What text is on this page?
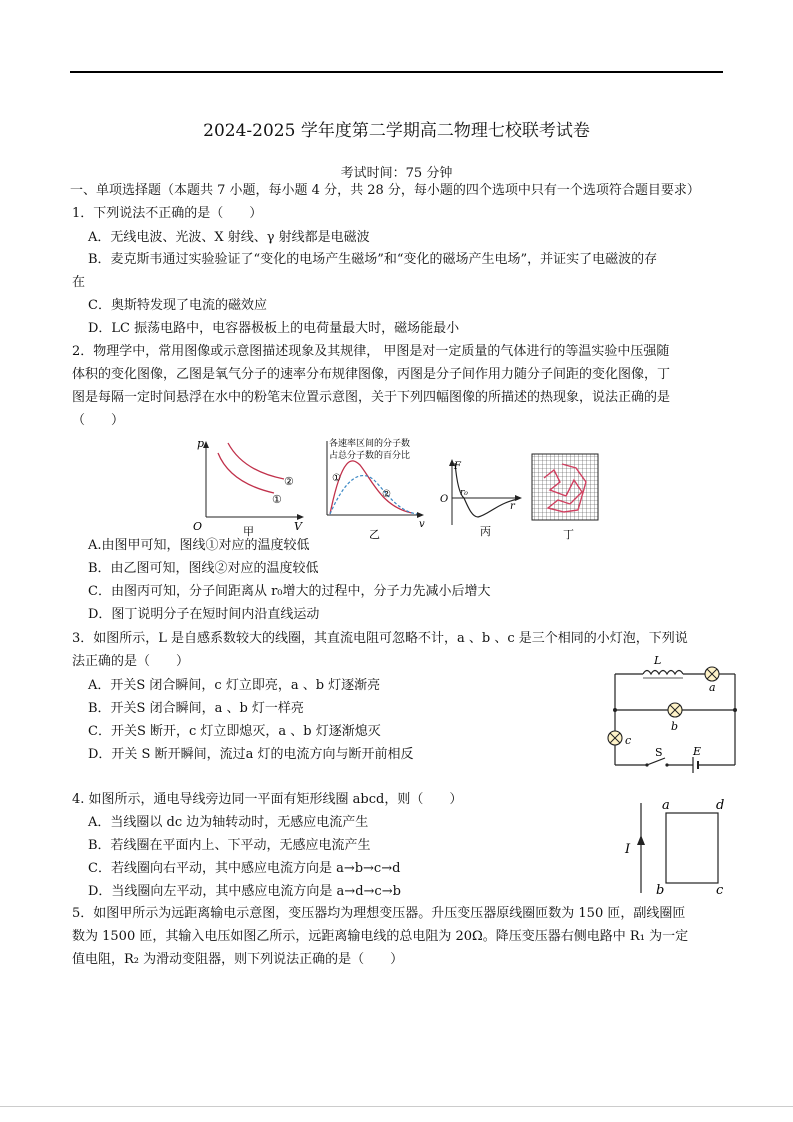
2024-2025 学年度第二学期高二物理七校联考试卷
考试时间：75 分钟
一、单项选择题（本题共 7 小题，每小题 4 分，共 28 分，每小题的四个选项中只有一个选项符合题目要求）
1．下列说法不正确的是（　　）
A．无线电波、光波、X 射线、γ 射线都是电磁波
B．麦克斯韦通过实验验证了“变化的电场产生磁场”和“变化的磁场产生电场”，并证实了电磁波的存
在
C．奥斯特发现了电流的磁效应
D．LC 振荡电路中，电容器极板上的电荷量最大时，磁场能最小
2．物理学中，常用图像或示意图描述现象及其规律， 甲图是对一定质量的气体进行的等温实验中压强随
体积的变化图像，乙图是氧气分子的速率分布规律图像，丙图是分子间作用力随分子间距的变化图像，丁
图是每隔一定时间悬浮在水中的粉笔末位置示意图，关于下列四幅图像的所描述的热现象，说法正确的是
（　　）
p
V
O
①
②
甲
各速率区间的分子数
占总分子数的百分比
①
②
v
乙
F
O
r₀
r
丙	丁
A.由图甲可知，图线①对应的温度较低
B．由乙图可知，图线②对应的温度较低
C．由图丙可知，分子间距离从 r₀增大的过程中，分子力先减小后增大
D．图丁说明分子在短时间内沿直线运动
3．如图所示，L 是自感系数较大的线圈，其直流电阻可忽略不计，a 、b 、c 是三个相同的小灯泡，下列说
法正确的是（　　）
A．开关S 闭合瞬间，c 灯立即亮，a 、b 灯逐渐亮
B．开关S 闭合瞬间，a 、b 灯一样亮
C．开关S 断开，c 灯立即熄灭，a 、b 灯逐渐熄灭
D．开关 S 断开瞬间，流过a 灯的电流方向与断开前相反
L
a
b
c
S	E
4. 如图所示，通电导线旁边同一平面有矩形线圈 abcd，则（　　）
A．当线圈以 dc 边为轴转动时，无感应电流产生
B．若线圈在平面内上、下平动，无感应电流产生
C．若线圈向右平动，其中感应电流方向是 a→b→c→d
D．当线圈向左平动，其中感应电流方向是 a→d→c→b
I
a	d
b	c
5．如图甲所示为远距离输电示意图，变压器均为理想变压器。升压变压器原线圈匝数为 150 匝，副线圈匝
数为 1500 匝，其输入电压如图乙所示，远距离输电线的总电阻为 20Ω。降压变压器右侧电路中 R₁ 为一定
值电阻，R₂ 为滑动变阻器，则下列说法正确的是（　　）
